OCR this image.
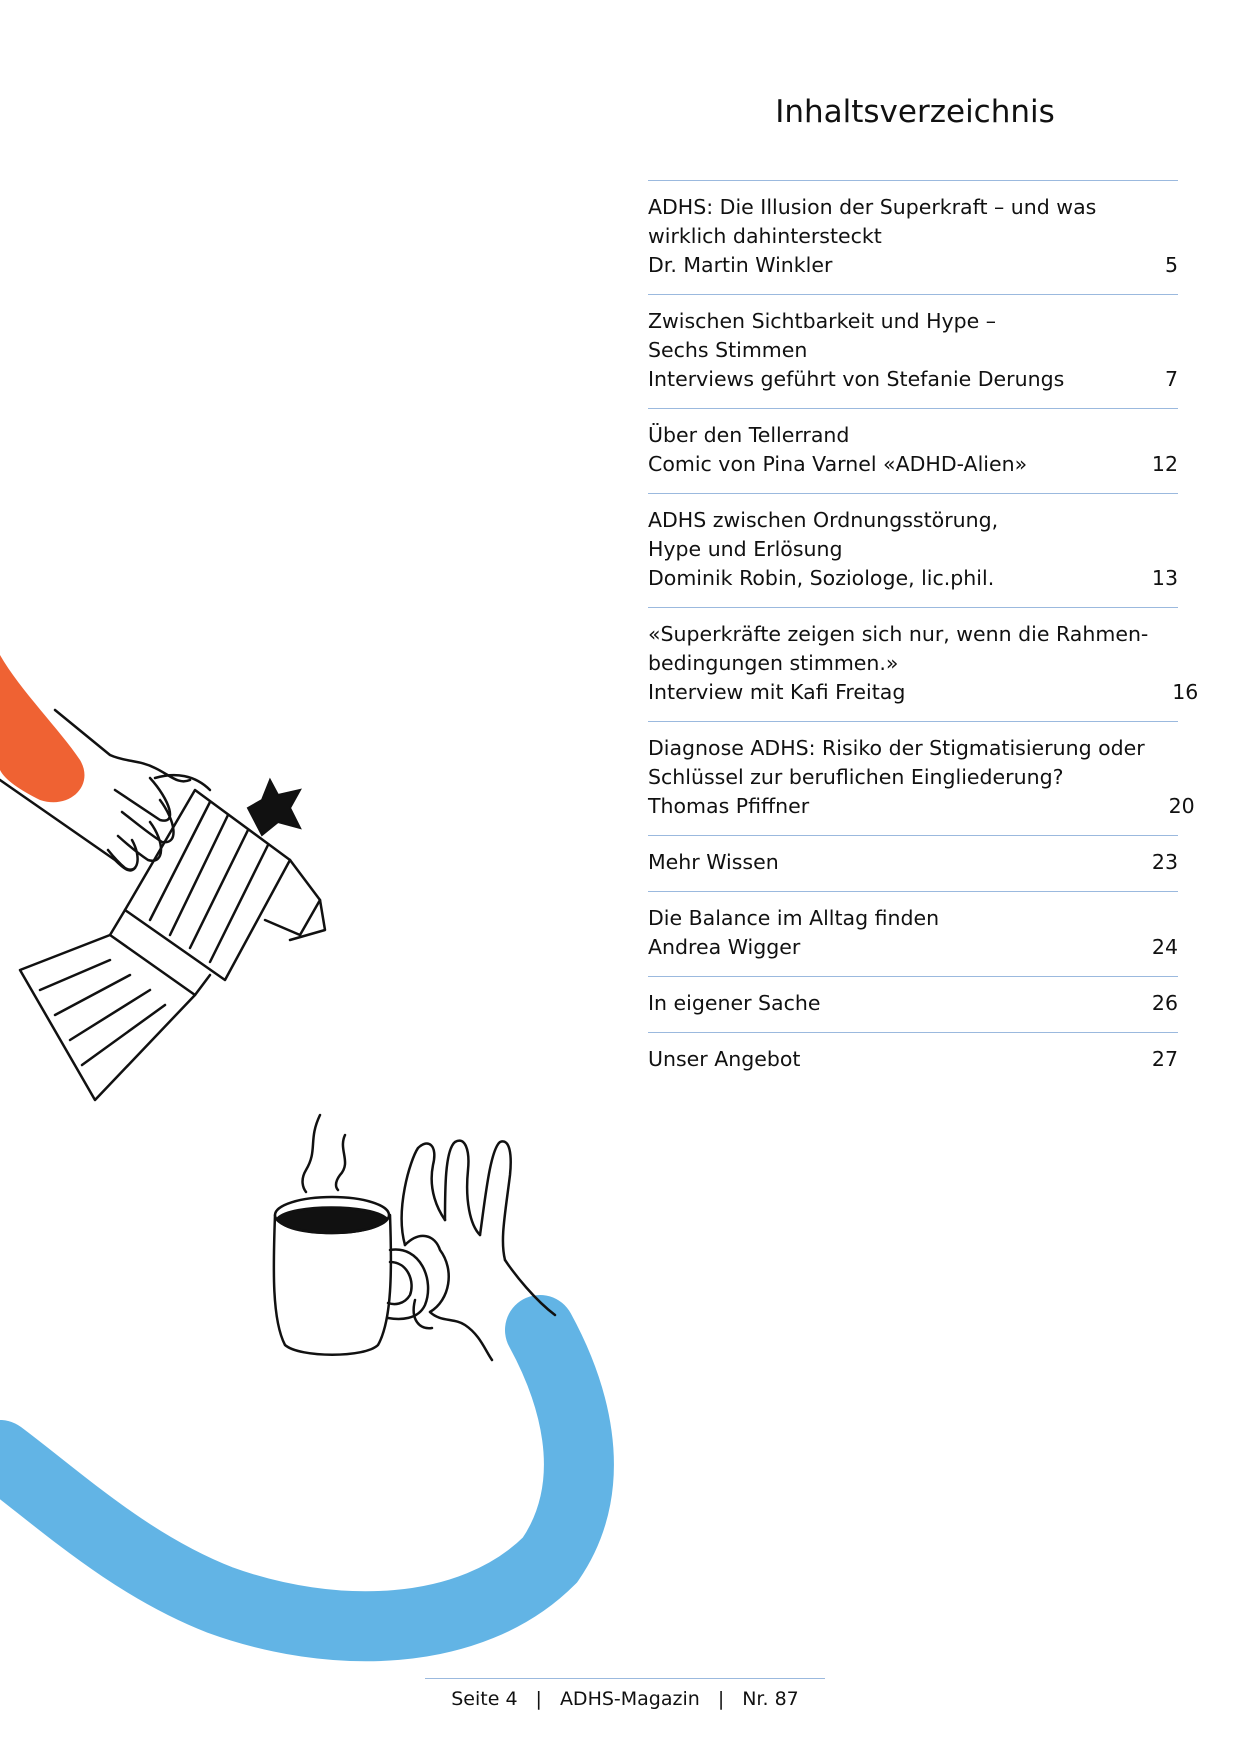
Inhaltsverzeichnis
ADHS: Die Illusion der Superkraft – und was
wirklich dahintersteckt
Dr. Martin Winkler	5
Zwischen Sichtbarkeit und Hype –
Sechs Stimmen
Interviews geführt von Stefanie Derungs	7
Über den Tellerrand
Comic von Pina Varnel «ADHD-Alien»	12
ADHS zwischen Ordnungsstörung,
Hype und Erlösung
Dominik Robin, Soziologe, lic.phil.	13
«Superkräfte zeigen sich nur, wenn die Rahmen-
bedingungen stimmen.»
Interview mit Kafi Freitag	16
Diagnose ADHS: Risiko der Stigmatisierung oder
Schlüssel zur beruflichen Eingliederung?
Thomas Pfiffner	20
Mehr Wissen	23
Die Balance im Alltag finden
Andrea Wigger	24
In eigener Sache	26
Unser Angebot	27
Seite 4 | ADHS-Magazin | Nr. 87
